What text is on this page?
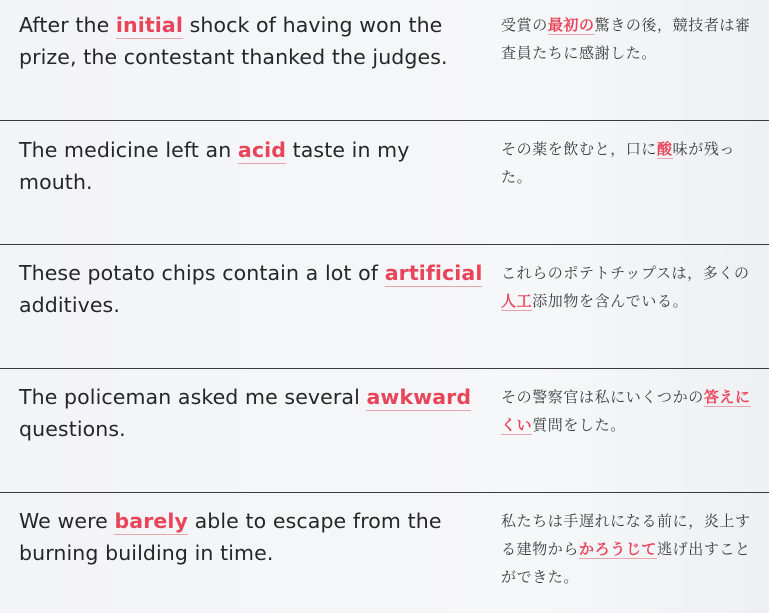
After the initial shock of having won the prize, the contestant thanked the judges.
受賞の最初の驚きの後，競技者は審査員たちに感謝した。
The medicine left an acid taste in my mouth.
その薬を飲むと，口に酸味が残った。
These potato chips contain a lot of artificial additives.
これらのポテトチップスは，多くの人工添加物を含んでいる。
The policeman asked me several awkward questions.
その警察官は私にいくつかの答えにくい質問をした。
We were barely able to escape from the burning building in time.
私たちは手遅れになる前に，炎上する建物からかろうじて逃げ出すことができた。
